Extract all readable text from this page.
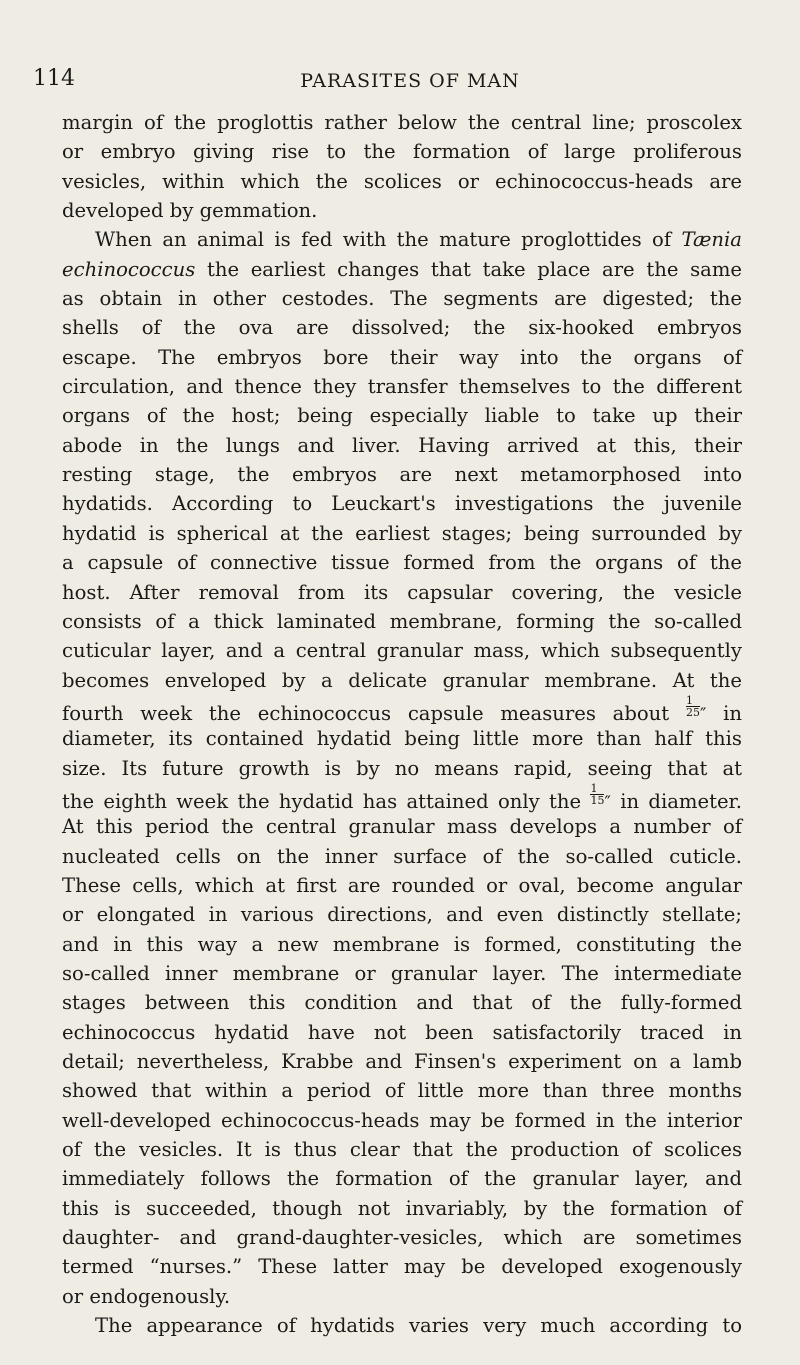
114	PARASITES OF MAN
margin of the proglottis rather below the central line; proscolex
or embryo giving rise to the formation of large proliferous
vesicles, within which the scolices or echinococcus-heads are
developed by gemmation.
When an animal is fed with the mature proglottides of Tænia
echinococcus the earliest changes that take place are the same
as obtain in other cestodes. The segments are digested; the
shells of the ova are dissolved; the six-hooked embryos
escape. The embryos bore their way into the organs of
circulation, and thence they transfer themselves to the different
organs of the host; being especially liable to take up their
abode in the lungs and liver. Having arrived at this, their
resting stage, the embryos are next metamorphosed into
hydatids. According to Leuckart's investigations the juvenile
hydatid is spherical at the earliest stages; being surrounded by
a capsule of connective tissue formed from the organs of the
host. After removal from its capsular covering, the vesicle
consists of a thick laminated membrane, forming the so-called
cuticular layer, and a central granular mass, which subsequently
becomes enveloped by a delicate granular membrane. At the
fourth week the echinococcus capsule measures about $\frac{1}{25}$ ″ in
diameter, its contained hydatid being little more than half this
size. Its future growth is by no means rapid, seeing that at
the eighth week the hydatid has attained only the $\frac{1}{15}$ ″ in diameter.
At this period the central granular mass develops a number of
nucleated cells on the inner surface of the so-called cuticle.
These cells, which at first are rounded or oval, become angular
or elongated in various directions, and even distinctly stellate;
and in this way a new membrane is formed, constituting the
so-called inner membrane or granular layer. The intermediate
stages between this condition and that of the fully-formed
echinococcus hydatid have not been satisfactorily traced in
detail; nevertheless, Krabbe and Finsen's experiment on a lamb
showed that within a period of little more than three months
well-developed echinococcus-heads may be formed in the interior
of the vesicles. It is thus clear that the production of scolices
immediately follows the formation of the granular layer, and
this is succeeded, though not invariably, by the formation of
daughter- and grand-daughter-vesicles, which are sometimes
termed “nurses.” These latter may be developed exogenously
or endogenously.
The appearance of hydatids varies very much according to
